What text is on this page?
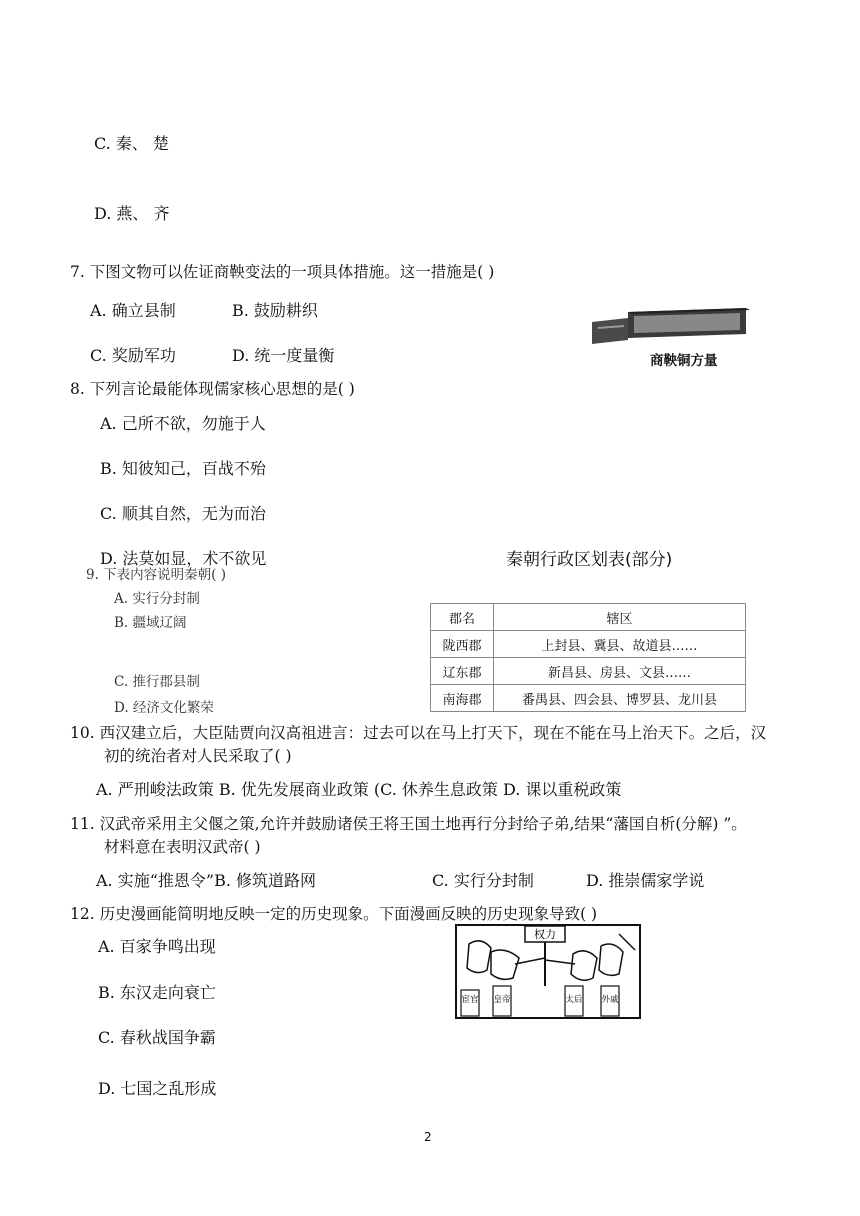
C. 秦、 楚
D. 燕、 齐
7. 下图文物可以佐证商鞅变法的一项具体措施。这一措施是( )
A. 确立县制	B. 鼓励耕织
C. 奖励军功	D. 统一度量衡	商鞅铜方量
8. 下列言论最能体现儒家核心思想的是( )
A. 己所不欲，勿施于人
B. 知彼知己，百战不殆
C. 顺其自然，无为而治
D. 法莫如显，术不欲见
9. 下表内容说明秦朝( )
A. 实行分封制
B. 疆域辽阔
C. 推行郡县制
D. 经济文化繁荣
秦朝行政区划表(部分)
郡名	辖区
陇西郡	上封县、冀县、故道县……
辽东郡	新昌县、房县、文县……
南海郡	番禺县、四会县、博罗县、龙川县
10. 西汉建立后，大臣陆贾向汉高祖进言：过去可以在马上打天下，现在不能在马上治天下。之后，汉
初的统治者对人民采取了( )
A. 严刑峻法政策 B. 优先发展商业政策 (C. 休养生息政策 D. 课以重税政策
11. 汉武帝采用主父偃之策,允许并鼓励诸侯王将王国土地再行分封给子弟,结果“藩国自析(分解) ”。
材料意在表明汉武帝( )
A. 实施“推恩令”B. 修筑道路网	C. 实行分封制	D. 推崇儒家学说
12. 历史漫画能简明地反映一定的历史现象。下面漫画反映的历史现象导致( )
A. 百家争鸣出现
B. 东汉走向衰亡
C. 春秋战国争霸
D. 七国之乱形成
权力
宦官 皇帝	太后 外戚
2
